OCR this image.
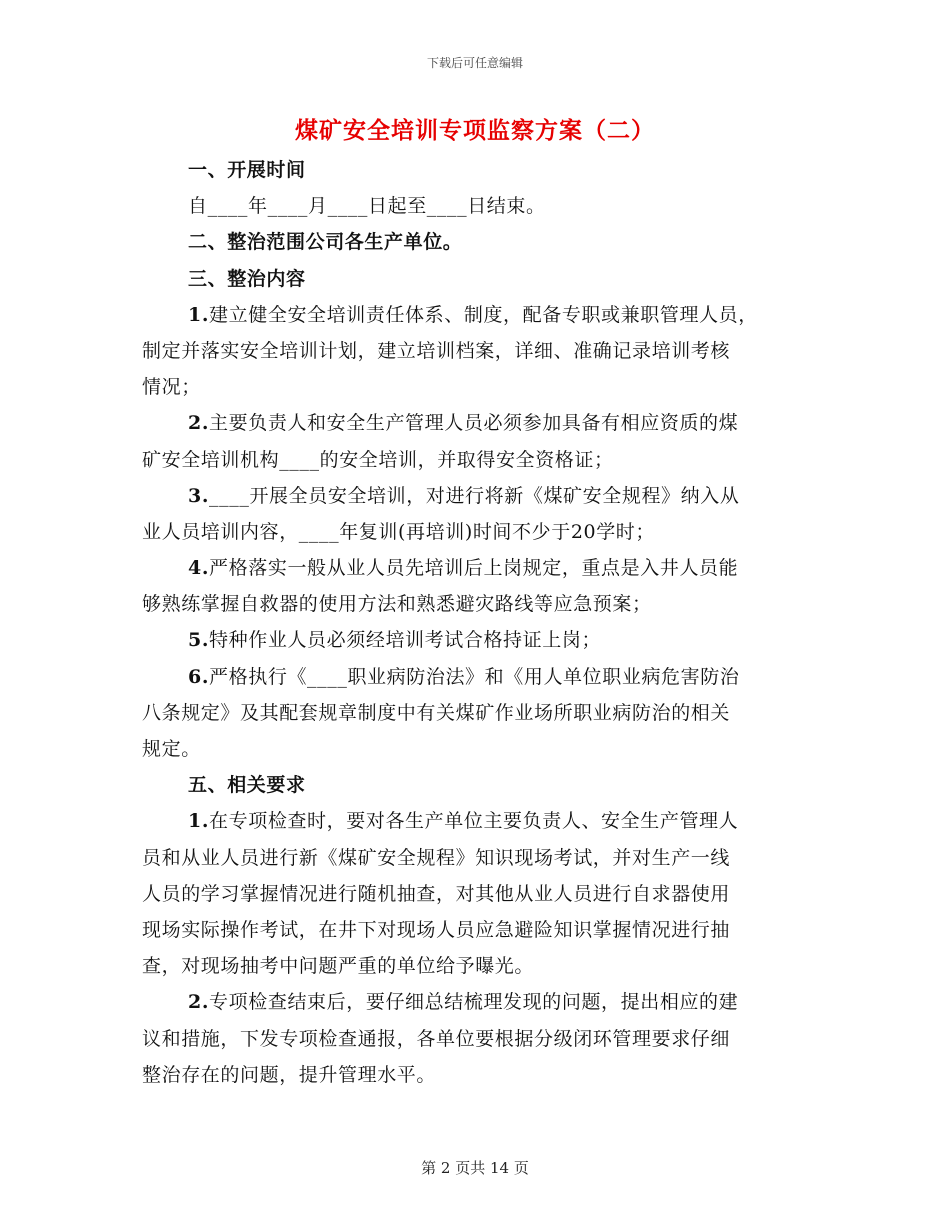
下载后可任意编辑
煤矿安全培训专项监察方案（二）
一、开展时间
自____年____月____日起至____日结束。
二、整治范围公司各生产单位。
三、整治内容
1.建立健全安全培训责任体系、制度，配备专职或兼职管理人员，
制定并落实安全培训计划，建立培训档案，详细、准确记录培训考核
情况；
2.主要负责人和安全生产管理人员必须参加具备有相应资质的煤
矿安全培训机构____的安全培训，并取得安全资格证；
3.____开展全员安全培训，对进行将新《煤矿安全规程》纳入从
业人员培训内容，____年复训(再培训)时间不少于20学时；
4.严格落实一般从业人员先培训后上岗规定，重点是入井人员能
够熟练掌握自救器的使用方法和熟悉避灾路线等应急预案；
5.特种作业人员必须经培训考试合格持证上岗；
6.严格执行《____职业病防治法》和《用人单位职业病危害防治
八条规定》及其配套规章制度中有关煤矿作业场所职业病防治的相关
规定。
五、相关要求
1.在专项检查时，要对各生产单位主要负责人、安全生产管理人
员和从业人员进行新《煤矿安全规程》知识现场考试，并对生产一线
人员的学习掌握情况进行随机抽查，对其他从业人员进行自求器使用
现场实际操作考试，在井下对现场人员应急避险知识掌握情况进行抽
查，对现场抽考中问题严重的单位给予曝光。
2.专项检查结束后，要仔细总结梳理发现的问题，提出相应的建
议和措施，下发专项检查通报，各单位要根据分级闭环管理要求仔细
整治存在的问题，提升管理水平。
第 2 页共 14 页
